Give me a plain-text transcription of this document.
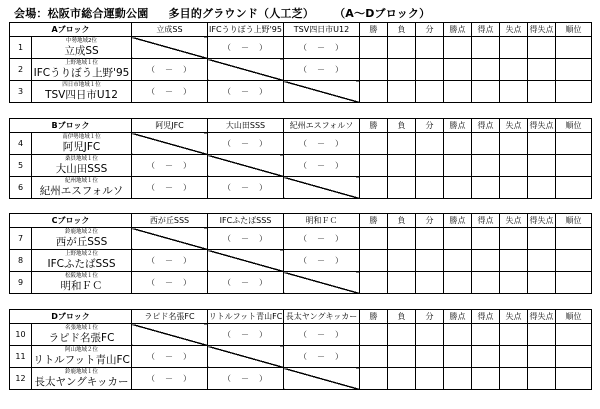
会場：松阪市総合運動公園 多目的グラウンド（人工芝） （A～Dブロック）
Aブロック		立成SS	IFCうりぼう上野'95	TSV四日市U12	勝	負	分	勝点	得点	失点	得失点	順位
1	中勢地域2位
立成SS		（　－　）	（　－　）								
2	上野地域１位
IFCうりぼう上野'95	（　－　）		（　－　）								
3	四日市地域１位
TSV四日市U12	（　－　）	（　－　）									
Bブロック		阿児JFC	大山田SSS	紀州エスフォルソ	勝	負	分	勝点	得点	失点	得失点	順位
4	南伊勢地域１位
阿児JFC		（　－　）	（　－　）								
5	桑員地域１位
大山田SSS	（　－　）		（　－　）								
6	紀州地域１位
紀州エスフォルソ	（　－　）	（　－　）									
Cブロック		西が丘SSS	IFCふたばSSS	明和ＦＣ	勝	負	分	勝点	得点	失点	得失点	順位
7	鈴鹿地域２位
西が丘SSS		（　－　）	（　－　）								
8	上野地域２位
IFCふたばSSS	（　－　）		（　－　）								
9	松阪地域１位
明和ＦＣ	（　－　）	（　－　）									
Dブロック		ラピド名張FC	リトルフット青山FC	長太ヤングキッカー	勝	負	分	勝点	得点	失点	得失点	順位
10	名張地域１位
ラピド名張FC		（　－　）	（　－　）								
11	阿山地域２位
リトルフット青山FC	（　－　）		（　－　）								
12	鈴鹿地域１位
長太ヤングキッカー	（　－　）	（　－　）									
